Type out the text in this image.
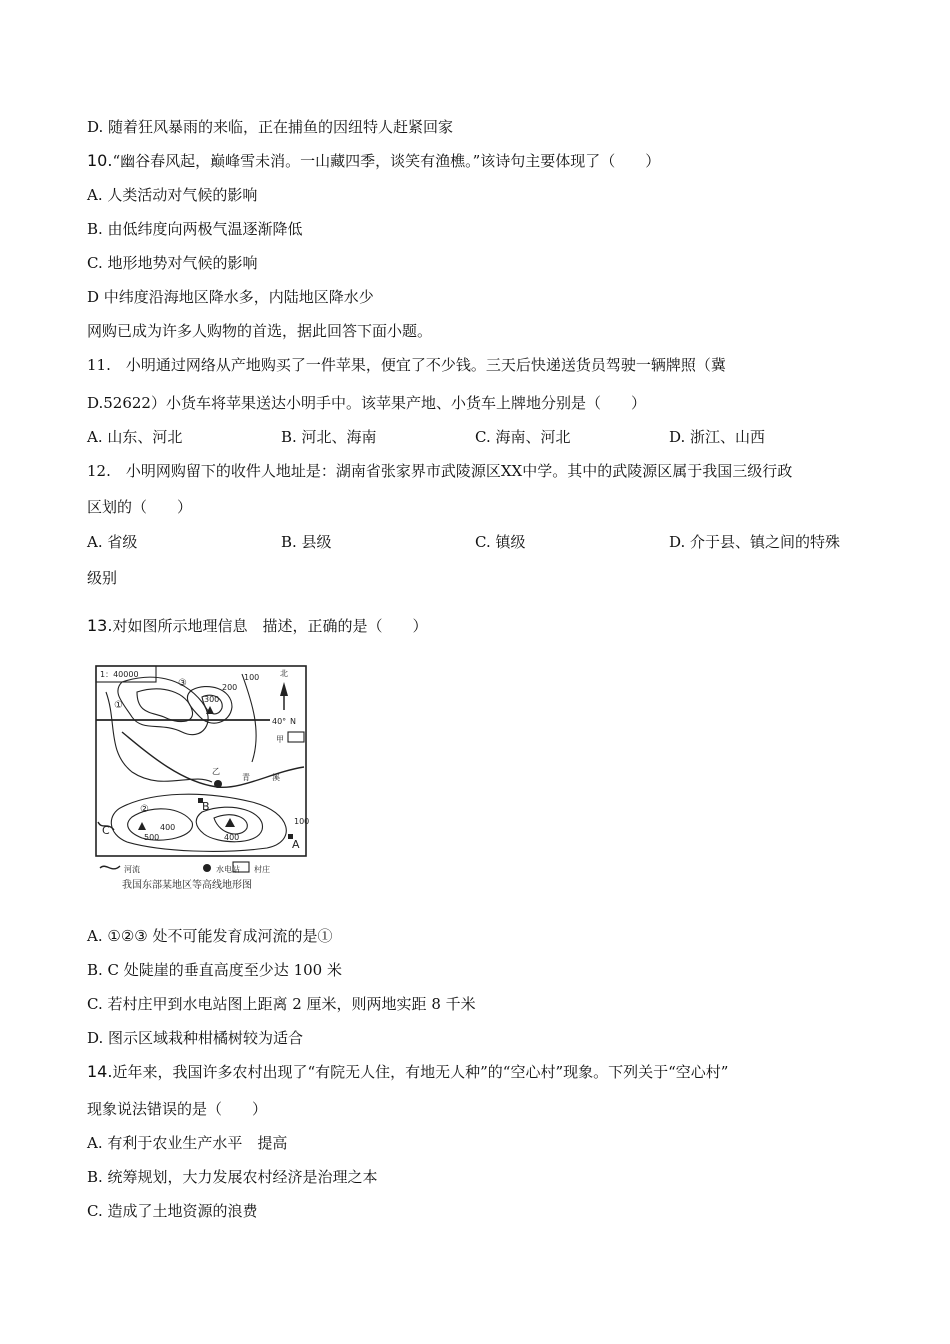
D. 随着狂风暴雨的来临，正在捕鱼的因纽特人赶紧回家
10.“幽谷春风起，巅峰雪未消。一山藏四季，谈笑有渔樵。”该诗句主要体现了（　　）
A. 人类活动对气候的影响
B. 由低纬度向两极气温逐渐降低
C. 地形地势对气候的影响
D 中纬度沿海地区降水多，内陆地区降水少
网购已成为许多人购物的首选，据此回答下面小题。
11.　小明通过网络从产地购买了一件苹果，便宜了不少钱。三天后快递送货员驾驶一辆牌照（冀
D.52622）小货车将苹果送达小明手中。该苹果产地、小货车上牌地分别是（　　）
A. 山东、河北	B. 河北、海南	C. 海南、河北	D. 浙江、山西
12.　小明网购留下的收件人地址是：湖南省张家界市武陵源区XX中学。其中的武陵源区属于我国三级行政
区划的（　　）
A. 省级	B. 县级	C. 镇级	D. 介于县、镇之间的特殊
级别
13.对如图所示地理信息　描述，正确的是（　　）
1：40000	北
N
40°
甲
乙
青	溪
200
300
100
400
400
500
100
①
②
③
A
B
C
河流	水电站 村庄
我国东部某地区等高线地形图
A. ①②③ 处不可能发育成河流的是①
B. C 处陡崖的垂直高度至少达 100 米
C. 若村庄甲到水电站图上距离 2 厘米，则两地实距 8 千米
D. 图示区域栽种柑橘树较为适合
14.近年来，我国许多农村出现了“有院无人住，有地无人种”的“空心村”现象。下列关于“空心村”
现象说法错误的是（　　）
A. 有利于农业生产水平　提高
B. 统筹规划，大力发展农村经济是治理之本
C. 造成了土地资源的浪费
